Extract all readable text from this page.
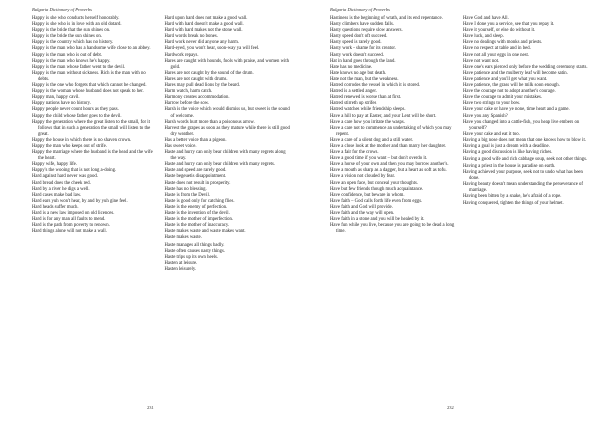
Bulgaria Dictionary of Proverbs

Happy is she who conducts herself honorably.

Happy is she who is in love with an old dotard.

Happy is the bride that the sun shines on.

Happy is the bride the sun shines on.

Happy is the country which has no history.

Happy is the man who has a handsome wife close to an abbey.

Happy is the man who is out of debt.

Happy is the man who knows he's happy.

Happy is the man whose father went to the devil.

Happy is the man without sickness. Rich is the man with no debts.

Happy is the one who forgets that which cannot be changed.

Happy is the woman whose husband does not speak to her.

Happy man, happy cavil.

Happy nations have no history.

Happy people never count hours as they pass.

Happy the child whose father goes to the devil.

Happy the generation where the great listen to the small, for it follows that in such a generation the small will listen to the great.

Happy the house in which there is no shaven crown.

Happy the man who keeps out of strife.

Happy the marriage where the husband is the head and the wife the heart.

Happy wife, happy life.

Happy's the wooing that is not long a-doing.

Hard against hard never was good.

Hard bread does the cheek red.

Hard by a river he digs a well.

Hard cases make bad law.

Hard ears yuh won't hear, by and by yuh gine feel.

Hard heads suffer much.

Hard is a new law imposed on old licences.

Hard is for any man all faults to mend.

Hard is the path from poverty to renown.

Hard things alone will not make a wall.

Hard upon hard does not make a good wall.

Hard with hard doesn't make a good wall.

Hard with hard makes not the stone wall.

Hard words break no bones.

Hard work never did anyone any harm.

Hard-eyed, you won't hear, soon-way ya will feel.

Hardwork repays.

Hares are caught with hounds, fools with praise, and women with gold.

Hares are not caught by the sound of the drum.

Hares are not caught with drums.

Hares may pull dead lions by the beard.

Harm watch, harm catch.

Harmony creates accommodation.

Harrow before the sow.

Harsh is the voice which would dismiss us, but sweet is the sound of welcome.

Harsh words hurt more than a poisonous arrow.

Harvest the grapes as soon as they mature while there is still good dry weather.

Has a better voice than a pigeon.

Has sweet voice.

Haste and hurry can only bear children with many regrets along the way.

Haste and hurry can only bear children with many regrets.

Haste and speed are rarely good.

Haste begeuetis disappointment.

Haste does not result in prosperity.

Haste has no blessing.

Haste is from the Devil.

Haste is good only for catching flies.

Haste is the enemy of perfection.

Haste is the invention of the devil.

Haste is the mother of imperfection.

Haste is the mother of inaccuracy.

Haste makes waste and waste makes want.

Haste makes waste.

Haste manages all things badly.

Haste often causes nasty things.

Haste trips up its own heels.

Hasten at leisure.

Hasten leisurely.

231
Bulgaria Dictionary of Proverbs

Hastiness is the beginning of wrath, and its end repentance.

Hasty climbers have sudden falls.

Hasty questions require slow answers.

Hasty speed don't oft succeed.

Hasty speed is rarely good.

Hasty work - shame for its creator.

Hasty work doesn't succeed.

Hat in hand goes through the land.

Hate has no medicine.

Hate knows no age but death.

Hate not the man, but the weakness.

Hatred corrodes the vessel in which it is stored.

Hatred is a settled anger.

Hatred renewed is worse than at first.

Hatred stirreth up strifes

Hatred watches while friendship sleeps.

Have a hill to pay at Easter, and your Lent will be short.

Have a care how you irritate the wasps.

Have a care not to commence an undertaking of which you may repent.

Have a care of a silent dog and a still water.

Have a close look at the mother and than marry her daughter.

Have a fair for the crows.

Have a good time if you want – but don't overdo it.

Have a horse of your own and then you may borrow another's.

Have a mouth as sharp as a dagger, but a heart as soft as tofu.

Have a vision not clouded by fear.

Have an open face, but conceal your thoughts.

Have but few friends though much acquaintance.

Have confidence, but beware in whom.

Have faith – God calls forth life even from eggs.

Have faith and God will provide.

Have faith and the way will open.

Have faith in a stone and you will be healed by it.

Have fun while you live, because you are going to be dead a long time.

Have God and have All.

Have I done you a service, see that you repay it.

Have it yourself, or else do without it.

Have luck, and sleep.

Have no dealings with monks and priests.

Have no respect at table and in bed.

Have not all your eggs in one nest.

Have not want not.

Have one's ears pierced only before the wedding ceremony starts.

Have patience and the mulberry leaf will become satin.

Have patience and you'll get what you want.

Have patience, the grass will be milk soon enough.

Have the courage not to adopt another's courage.

Have the courage to admit your mistakes.

Have two strings to your bow.

Have your cake or have ye none, time heart and a game.

Have you any Spanish?

Have you changed into a cattle-fish, you heap live embers on yourself?

Have your cake and eat it too.

Having a big nose does not mean that one knows how to blow it.

Having a goal is just a dream with a deadline.

Having a good discussion is like having riches.

Having a good wife and rich cabbage soup, seek not other things.

Having a priest in the house is paradise on earth.

Having achieved your purpose, seek not to undo what has been done.

Having beauty doesn't mean understanding the perseverance of marriage.

Having been bitten by a snake, he's afraid of a rope.

Having conquered, tighten the things of your helmet.

232
